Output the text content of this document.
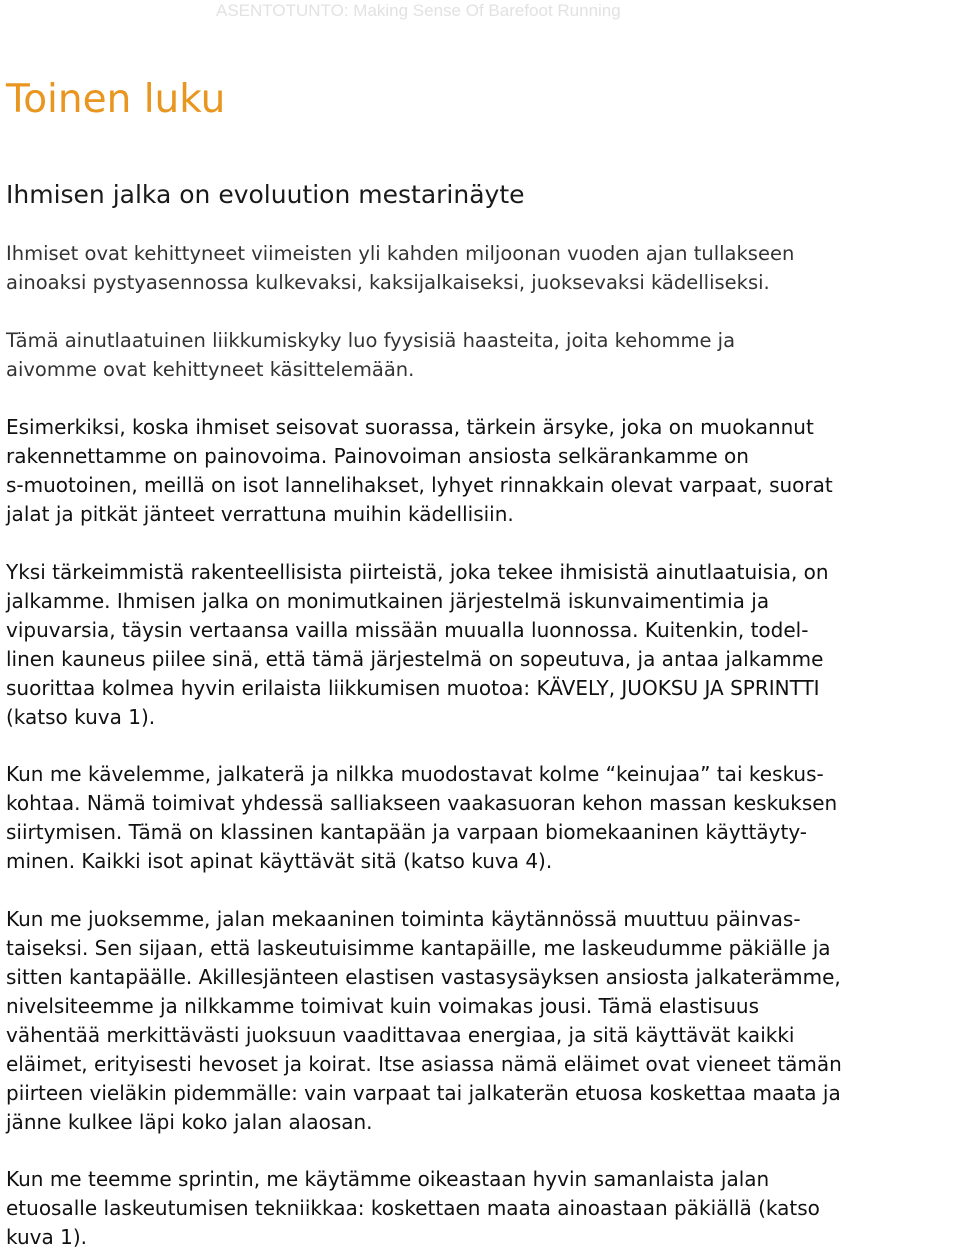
ASENTOTUNTO: Making Sense Of Barefoot Running
Toinen luku
Ihmisen jalka on evoluution mestarinäyte
Ihmiset ovat kehittyneet viimeisten yli kahden miljoonan vuoden ajan tullakseen
ainoaksi pystyasennossa kulkevaksi, kaksijalkaiseksi, juoksevaksi kädelliseksi.
Tämä ainutlaatuinen liikkumiskyky luo fyysisiä haasteita, joita kehomme ja
aivomme ovat kehittyneet käsittelemään.
Esimerkiksi, koska ihmiset seisovat suorassa, tärkein ärsyke, joka on muokannut
rakennettamme on painovoima. Painovoiman ansiosta selkärankamme on
s-muotoinen, meillä on isot lannelihakset, lyhyet rinnakkain olevat varpaat, suorat
jalat ja pitkät jänteet verrattuna muihin kädellisiin.
Yksi tärkeimmistä rakenteellisista piirteistä, joka tekee ihmisistä ainutlaatuisia, on
jalkamme. Ihmisen jalka on monimutkainen järjestelmä iskunvaimentimia ja
vipuvarsia, täysin vertaansa vailla missään muualla luonnossa. Kuitenkin, todel-
linen kauneus piilee sinä, että tämä järjestelmä on sopeutuva, ja antaa jalkamme
suorittaa kolmea hyvin erilaista liikkumisen muotoa: KÄVELY, JUOKSU JA SPRINTTI
(katso kuva 1).
Kun me kävelemme, jalkaterä ja nilkka muodostavat kolme “keinujaa” tai keskus-
kohtaa. Nämä toimivat yhdessä salliakseen vaakasuoran kehon massan keskuksen
siirtymisen. Tämä on klassinen kantapään ja varpaan biomekaaninen käyttäyty-
minen. Kaikki isot apinat käyttävät sitä (katso kuva 4).
Kun me juoksemme, jalan mekaaninen toiminta käytännössä muuttuu päinvas-
taiseksi. Sen sijaan, että laskeutuisimme kantapäille, me laskeudumme päkiälle ja
sitten kantapäälle. Akillesjänteen elastisen vastasysäyksen ansiosta jalkaterämme,
nivelsiteemme ja nilkkamme toimivat kuin voimakas jousi. Tämä elastisuus
vähentää merkittävästi juoksuun vaadittavaa energiaa, ja sitä käyttävät kaikki
eläimet, erityisesti hevoset ja koirat. Itse asiassa nämä eläimet ovat vieneet tämän
piirteen vieläkin pidemmälle: vain varpaat tai jalkaterän etuosa koskettaa maata ja
jänne kulkee läpi koko jalan alaosan.
Kun me teemme sprintin, me käytämme oikeastaan hyvin samanlaista jalan
etuosalle laskeutumisen tekniikkaa: koskettaen maata ainoastaan päkiällä (katso
kuva 1).
